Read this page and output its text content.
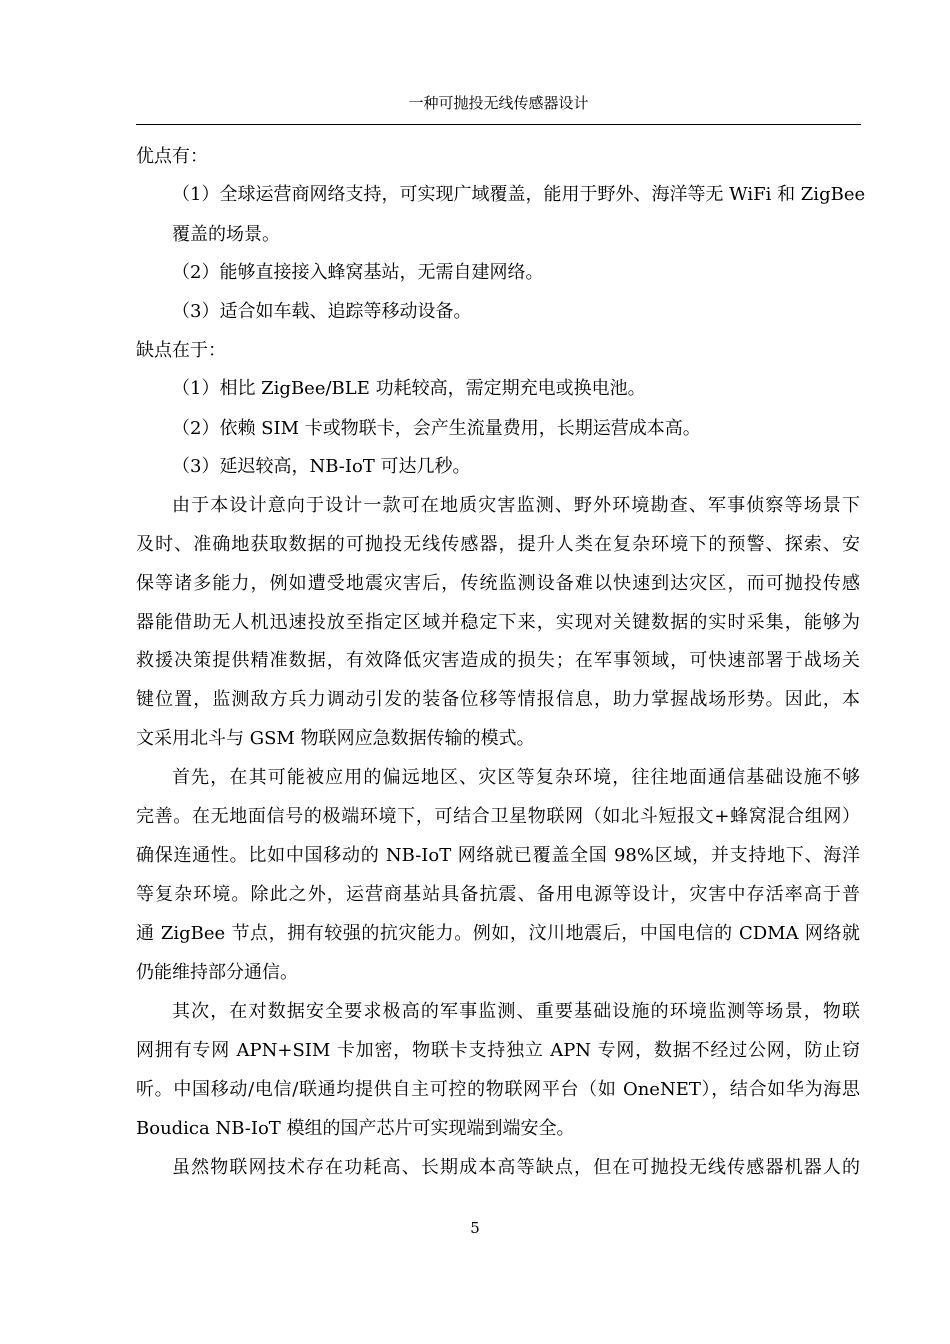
一种可抛投无线传感器设计
优点有：
（1）全球运营商网络支持，可实现广域覆盖，能用于野外、海洋等无 WiFi 和 ZigBee
覆盖的场景。
（2）能够直接接入蜂窝基站，无需自建网络。
（3）适合如车载、追踪等移动设备。
缺点在于：
（1）相比 ZigBee/BLE 功耗较高，需定期充电或换电池。
（2）依赖 SIM 卡或物联卡，会产生流量费用，长期运营成本高。
（3）延迟较高，NB-IoT 可达几秒。
由于本设计意向于设计一款可在地质灾害监测、野外环境勘查、军事侦察等场景下
及时、准确地获取数据的可抛投无线传感器，提升人类在复杂环境下的预警、探索、安
保等诸多能力，例如遭受地震灾害后，传统监测设备难以快速到达灾区，而可抛投传感
器能借助无人机迅速投放至指定区域并稳定下来，实现对关键数据的实时采集，能够为
救援决策提供精准数据，有效降低灾害造成的损失；在军事领域，可快速部署于战场关
键位置，监测敌方兵力调动引发的装备位移等情报信息，助力掌握战场形势。因此，本
文采用北斗与 GSM 物联网应急数据传输的模式。
首先，在其可能被应用的偏远地区、灾区等复杂环境，往往地面通信基础设施不够
完善。在无地面信号的极端环境下，可结合卫星物联网（如北斗短报文+蜂窝混合组网）
确保连通性。比如中国移动的 NB-IoT 网络就已覆盖全国 98%区域，并支持地下、海洋
等复杂环境。除此之外，运营商基站具备抗震、备用电源等设计，灾害中存活率高于普
通 ZigBee 节点，拥有较强的抗灾能力。例如，汶川地震后，中国电信的 CDMA 网络就
仍能维持部分通信。
其次，在对数据安全要求极高的军事监测、重要基础设施的环境监测等场景，物联
网拥有专网 APN+SIM 卡加密，物联卡支持独立 APN 专网，数据不经过公网，防止窃
听。中国移动/电信/联通均提供自主可控的物联网平台（如 OneNET），结合如华为海思
Boudica NB-IoT 模组的国产芯片可实现端到端安全。
虽然物联网技术存在功耗高、长期成本高等缺点，但在可抛投无线传感器机器人的
5
